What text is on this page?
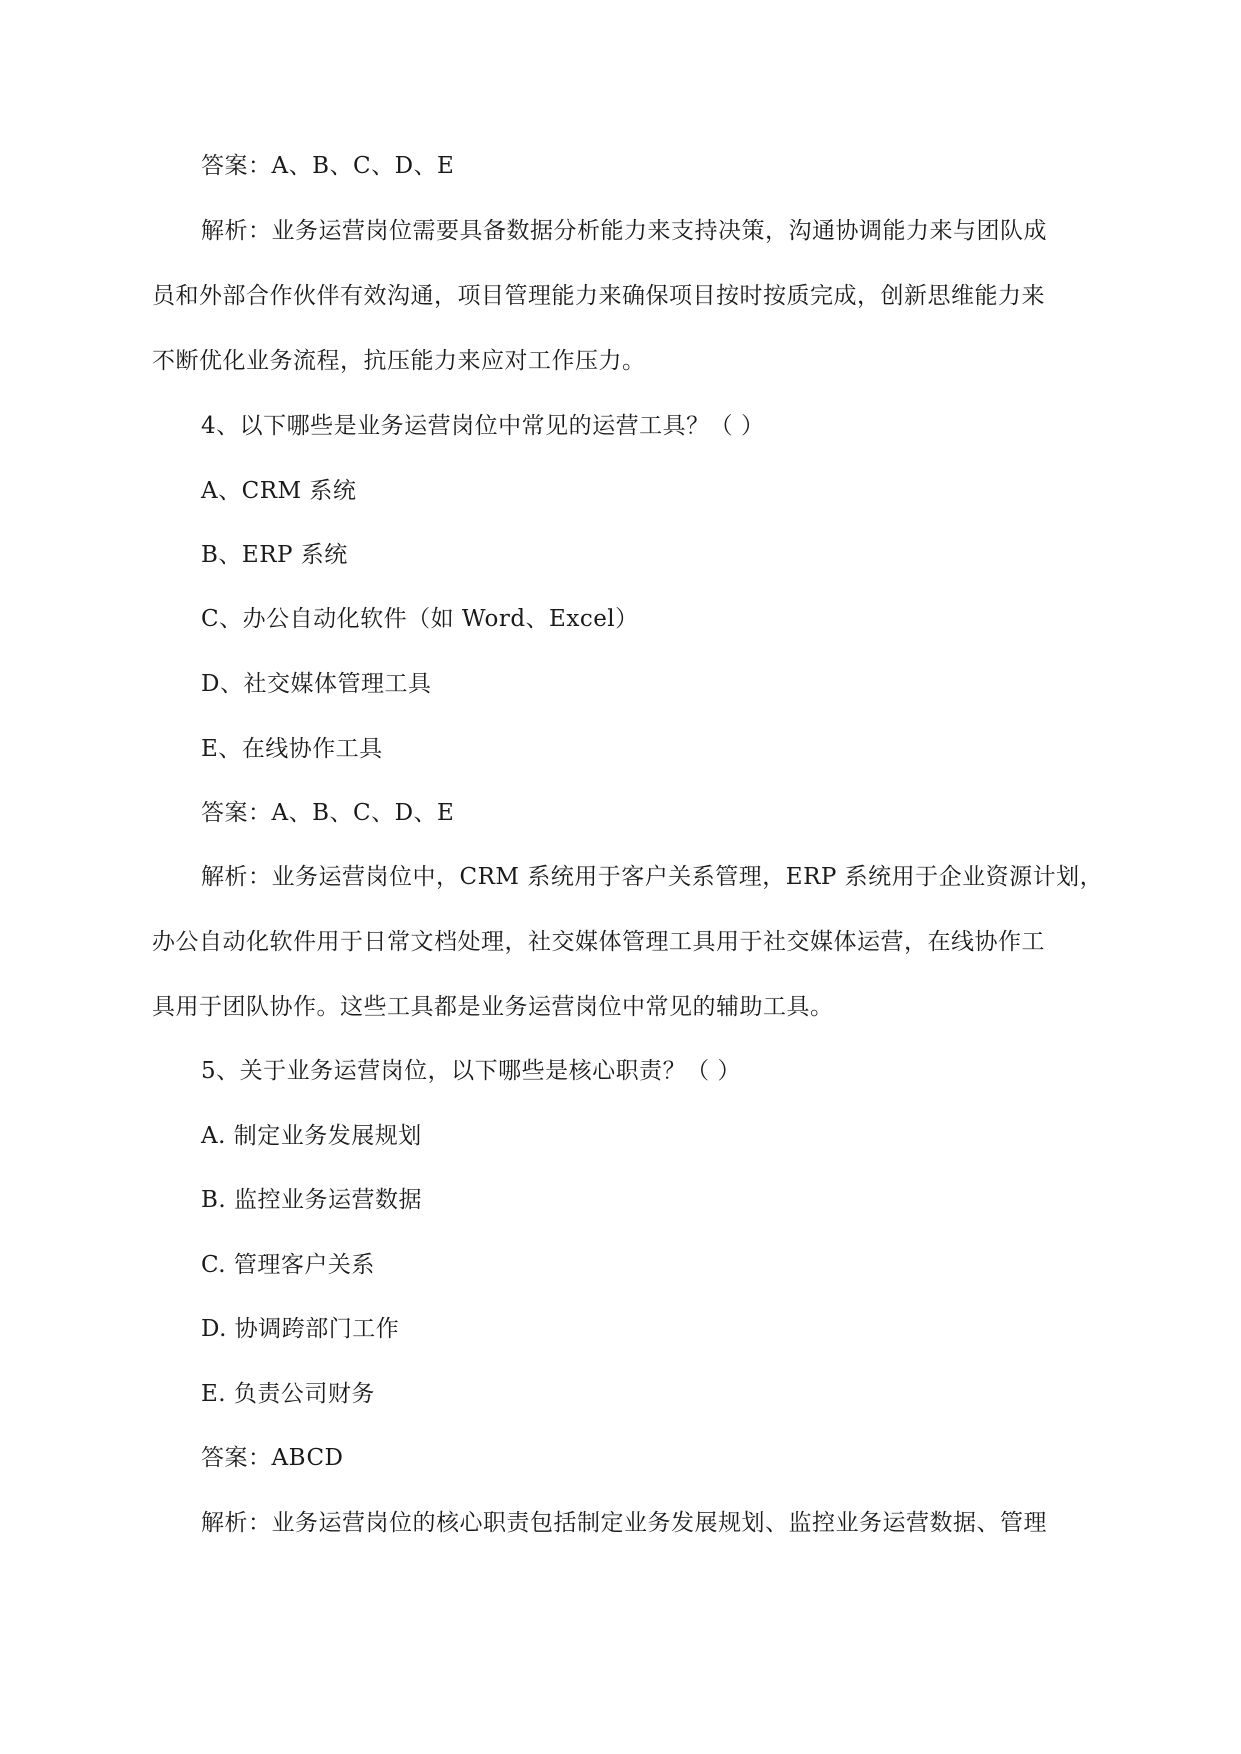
答案：A、B、C、D、E
解析：业务运营岗位需要具备数据分析能力来支持决策，沟通协调能力来与团队成
员和外部合作伙伴有效沟通，项目管理能力来确保项目按时按质完成，创新思维能力来
不断优化业务流程，抗压能力来应对工作压力。
4、以下哪些是业务运营岗位中常见的运营工具？（ ）
A、CRM 系统
B、ERP 系统
C、办公自动化软件（如 Word、Excel）
D、社交媒体管理工具
E、在线协作工具
答案：A、B、C、D、E
解析：业务运营岗位中，CRM 系统用于客户关系管理，ERP 系统用于企业资源计划，
办公自动化软件用于日常文档处理，社交媒体管理工具用于社交媒体运营，在线协作工
具用于团队协作。这些工具都是业务运营岗位中常见的辅助工具。
5、关于业务运营岗位，以下哪些是核心职责？（ ）
A. 制定业务发展规划
B. 监控业务运营数据
C. 管理客户关系
D. 协调跨部门工作
E. 负责公司财务
答案：ABCD
解析：业务运营岗位的核心职责包括制定业务发展规划、监控业务运营数据、管理
